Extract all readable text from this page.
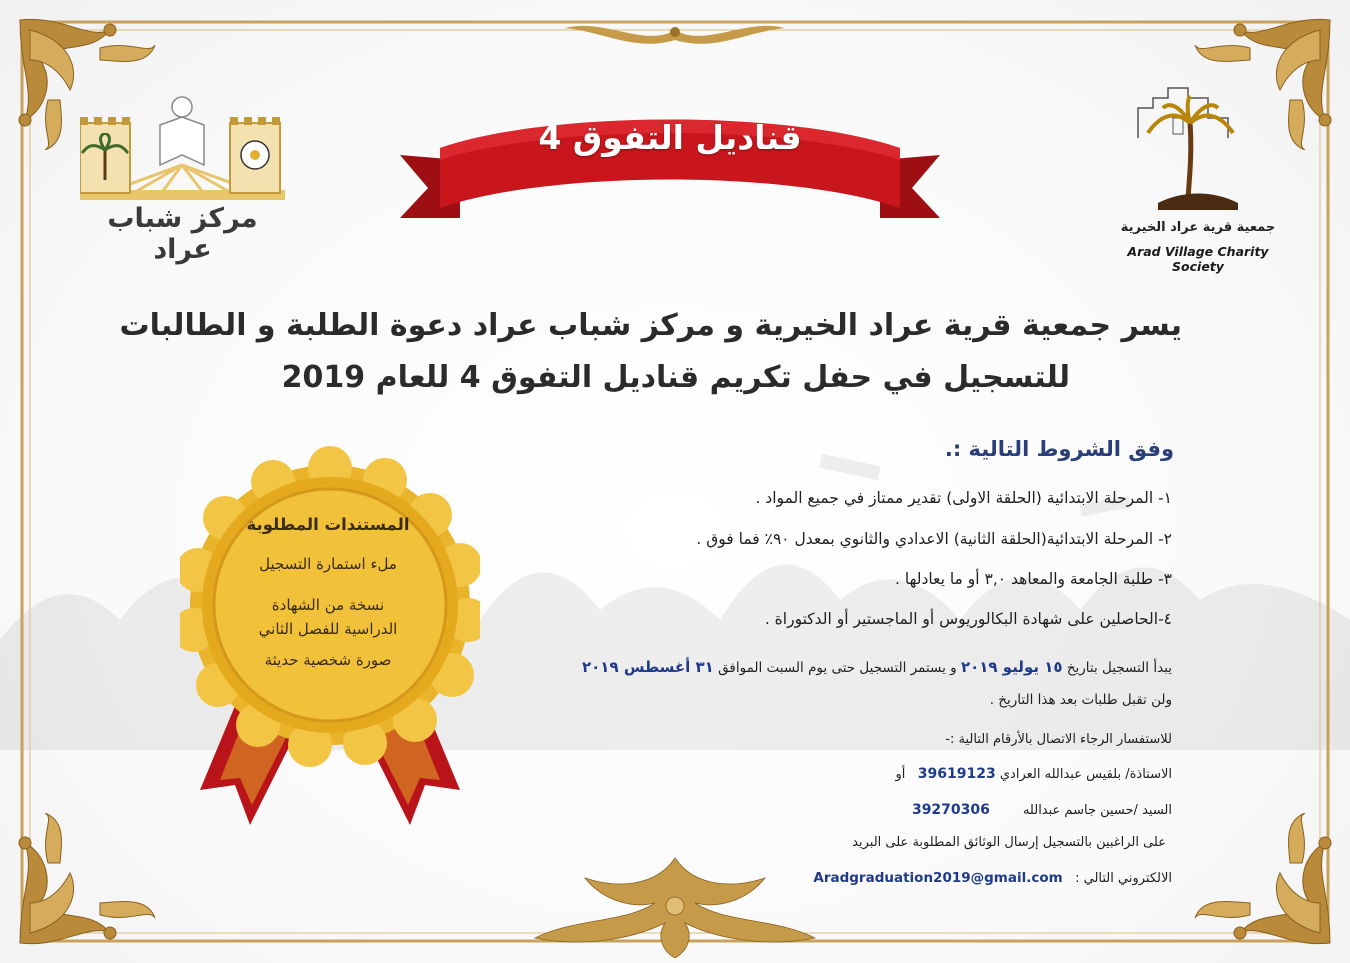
مركز شباب عراد
جمعية قرية عراد الخيرية
Arad Village Charity Society
قناديل التفوق 4
يسر جمعية قرية عراد الخيرية و مركز شباب عراد دعوة الطلبة و الطالبات
للتسجيل في حفل تكريم قناديل التفوق 4 للعام 2019
وفق الشروط التالية :.
١- المرحلة الابتدائية (الحلقة الاولى) تقدير ممتاز في جميع المواد .
٢- المرحلة الابتدائية(الحلقة الثانية) الاعدادي والثانوي بمعدل ٩٠٪ فما فوق .
٣- طلبة الجامعة والمعاهد ٣,٠ أو ما يعادلها .
٤-الحاصلين على شهادة البكالوريوس أو الماجستير أو الدكتوراة .
يبدأ التسجيل بتاريخ ١٥ يوليو ٢٠١٩ و يستمر التسجيل حتى يوم السبت الموافق ٣١ أغسطس ٢٠١٩
ولن تقبل طلبات بعد هذا التاريخ .
للاستفسار الرجاء الاتصال بالأرقام التالية :-
الاستاذة/ بلقيس عبدالله العرادي 39619123   أو
السيد /حسين جاسم عبدالله        39270306
على الراغبين بالتسجيل إرسال الوثائق المطلوبة على البريد
الالكتروني التالي :   Aradgraduation2019@gmail.com
المستندات المطلوبة
ملء استمارة التسجيل
نسخة من الشهادة
الدراسية للفصل الثاني
صورة شخصية حديثة
